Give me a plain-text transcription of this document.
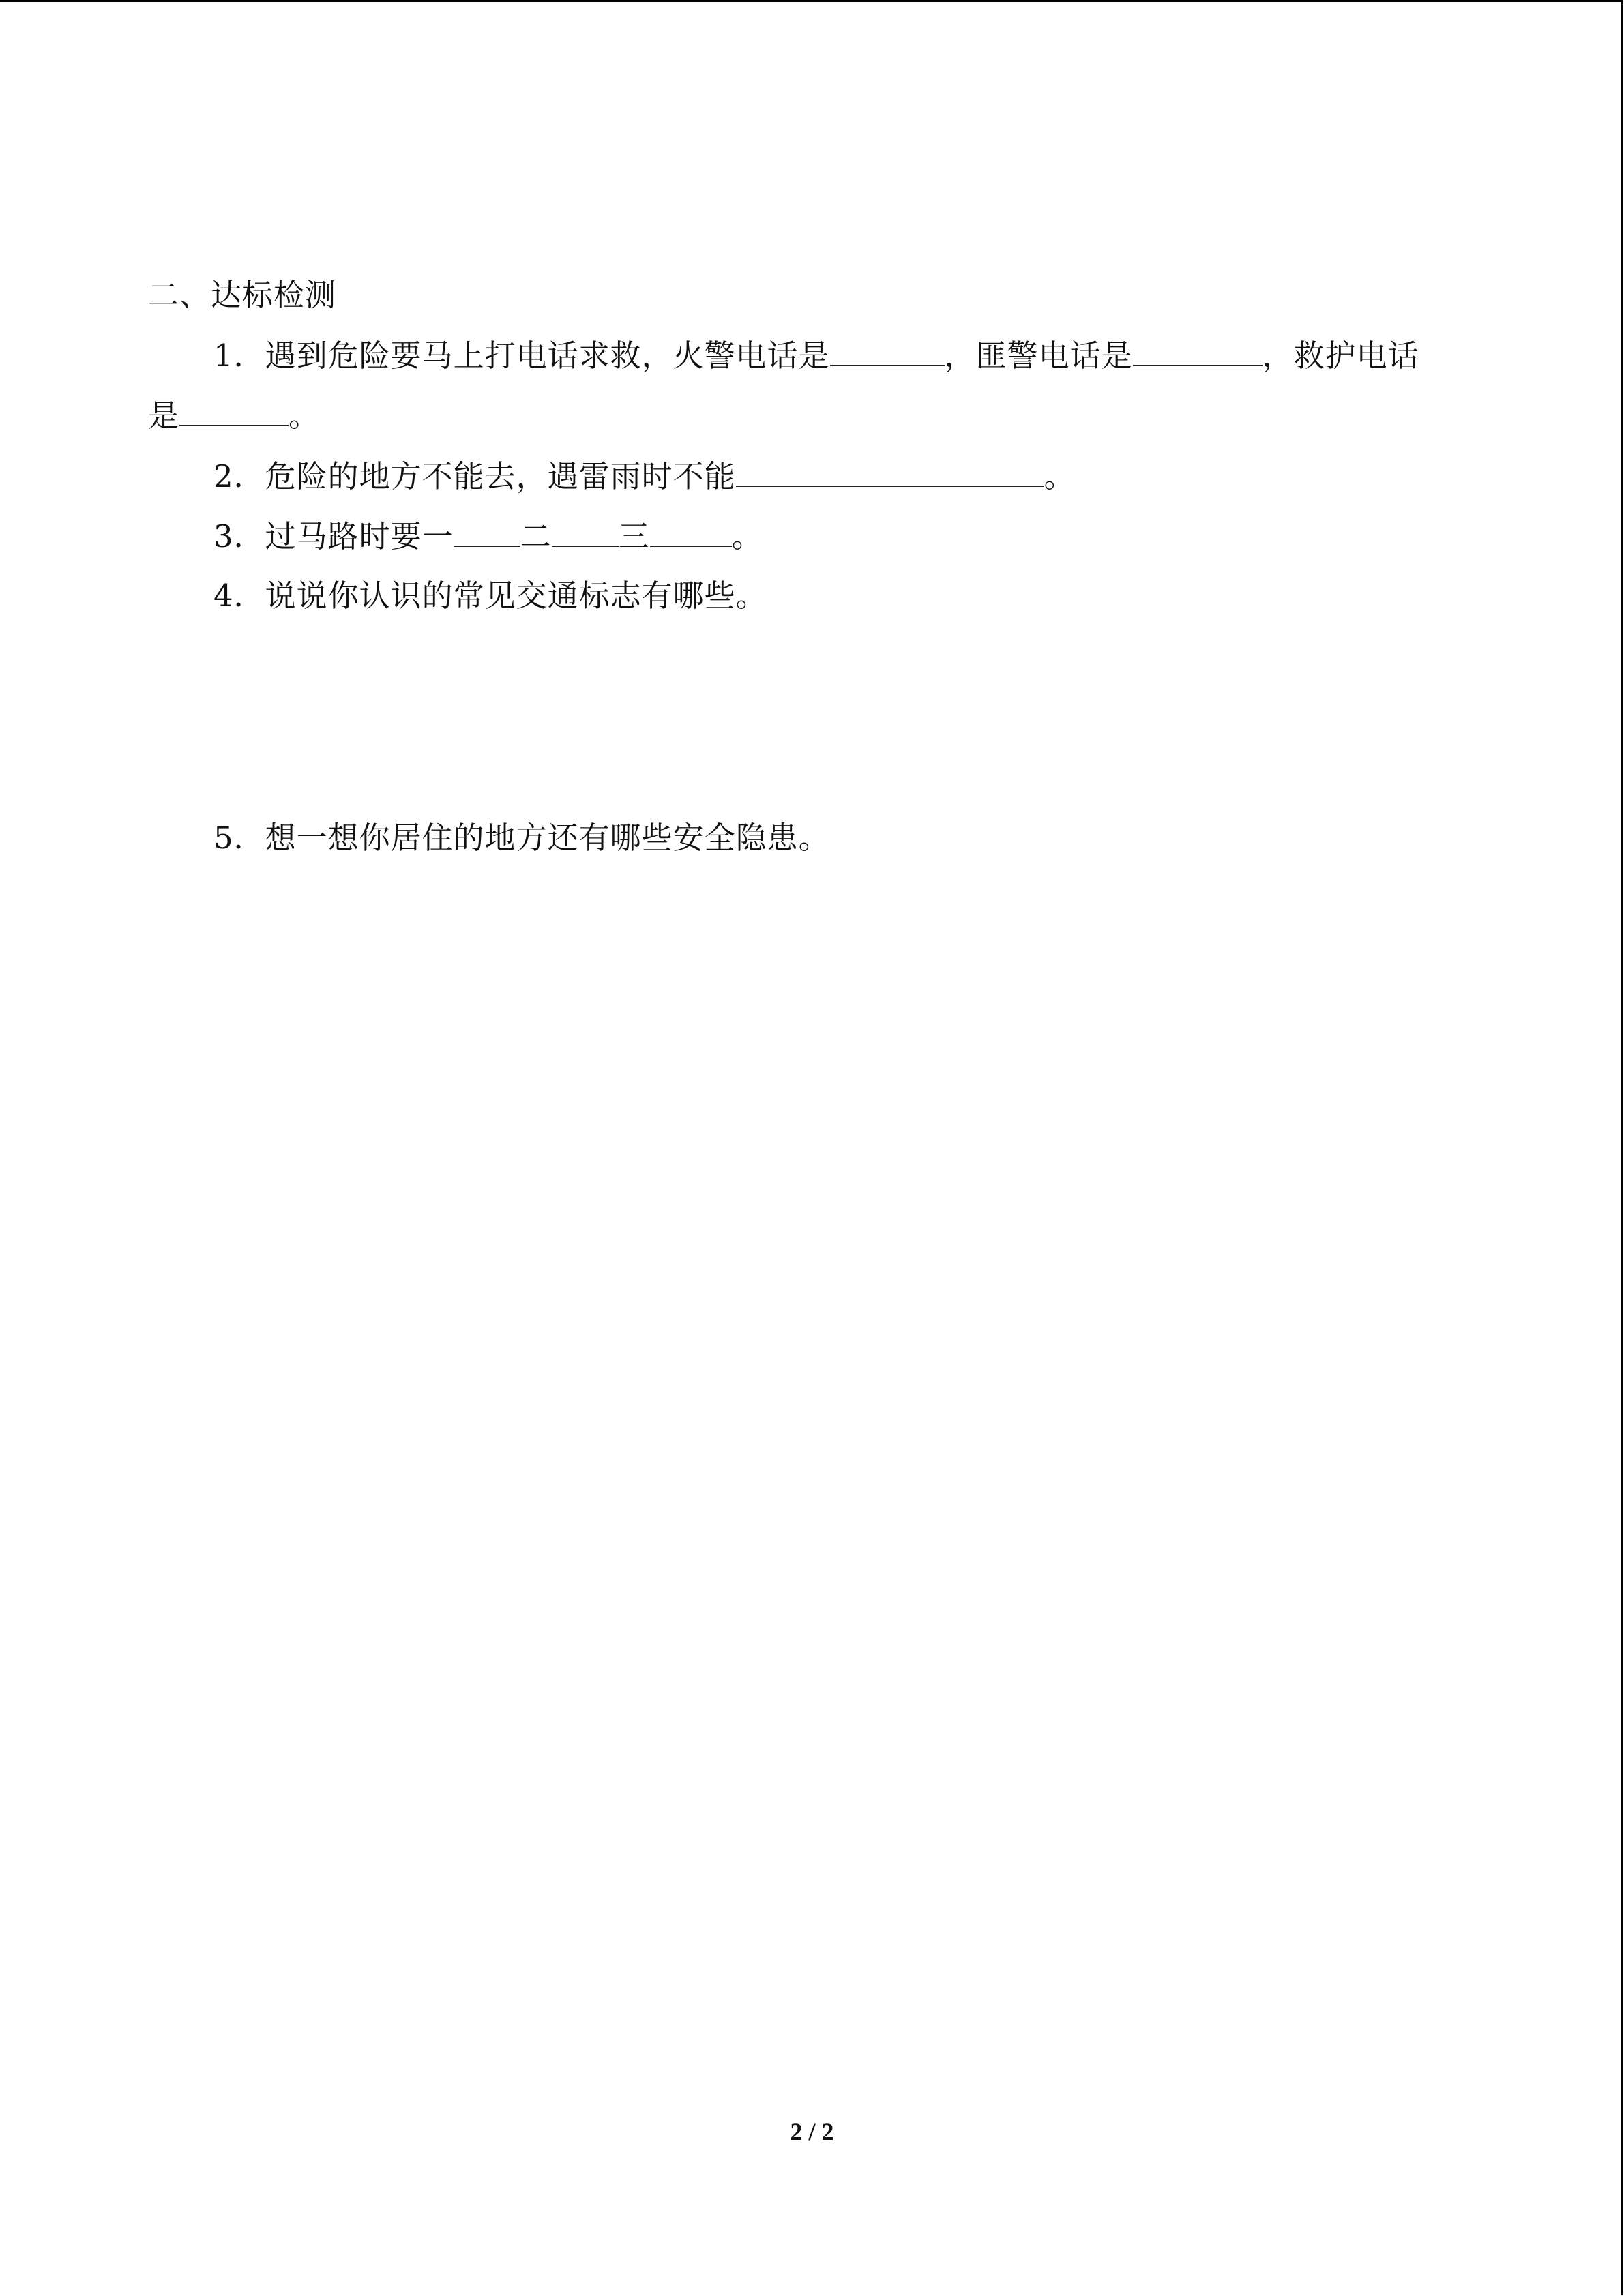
二、达标检测
1．遇到危险要马上打电话求救，火警电话是	，匪警电话是	，救护电话
是	。
2．危险的地方不能去，遇雷雨时不能	。
3．过马路时要一 二 三	。
4．说说你认识的常见交通标志有哪些。
5．想一想你居住的地方还有哪些安全隐患。
2 / 2
